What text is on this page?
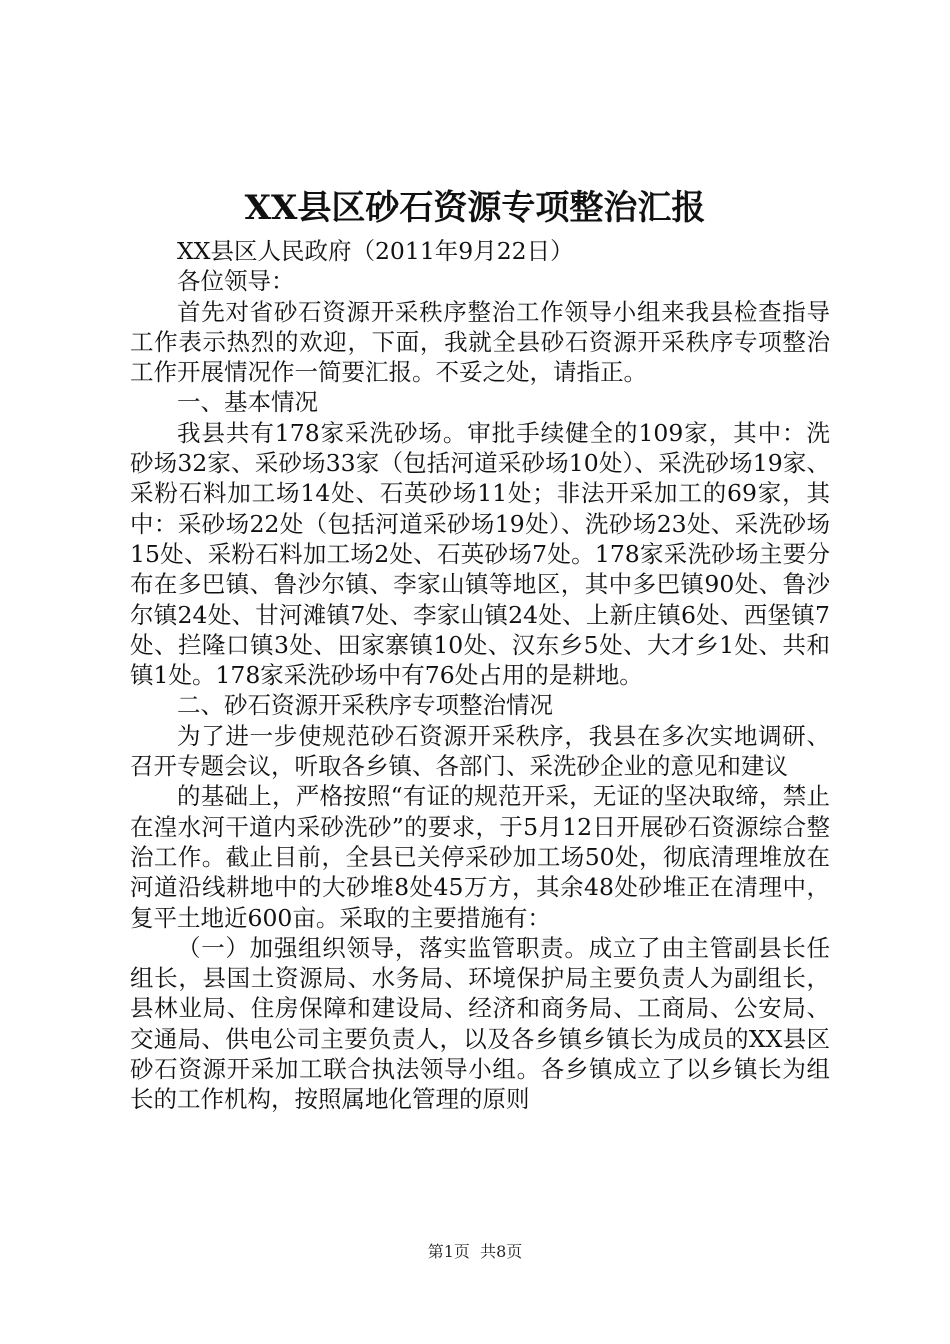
XX县区砂石资源专项整治汇报

XX县区人民政府（2011年9月22日）

各位领导：

首先对省砂石资源开采秩序整治工作领导小组来我县检查指导工作表示热烈的欢迎，下面，我就全县砂石资源开采秩序专项整治工作开展情况作一简要汇报。不妥之处，请指正。

一、基本情况

我县共有178家采洗砂场。审批手续健全的109家，其中：洗砂场32家、采砂场33家（包括河道采砂场10处）、采洗砂场19家、采粉石料加工场14处、石英砂场11处；非法开采加工的69家，其中：采砂场22处（包括河道采砂场19处）、洗砂场23处、采洗砂场15处、采粉石料加工场2处、石英砂场7处。178家采洗砂场主要分布在多巴镇、鲁沙尔镇、李家山镇等地区，其中多巴镇90处、鲁沙尔镇24处、甘河滩镇7处、李家山镇24处、上新庄镇6处、西堡镇7处、拦隆口镇3处、田家寨镇10处、汉东乡5处、大才乡1处、共和镇1处。178家采洗砂场中有76处占用的是耕地。

二、砂石资源开采秩序专项整治情况

为了进一步使规范砂石资源开采秩序，我县在多次实地调研、召开专题会议，听取各乡镇、各部门、采洗砂企业的意见和建议

的基础上，严格按照“有证的规范开采，无证的坚决取缔，禁止在湟水河干道内采砂洗砂”的要求，于5月12日开展砂石资源综合整治工作。截止目前，全县已关停采砂加工场50处，彻底清理堆放在河道沿线耕地中的大砂堆8处45万方，其余48处砂堆正在清理中，复平土地近600亩。采取的主要措施有：

（一）加强组织领导，落实监管职责。成立了由主管副县长任组长，县国土资源局、水务局、环境保护局主要负责人为副组长，县林业局、住房保障和建设局、经济和商务局、工商局、公安局、交通局、供电公司主要负责人，以及各乡镇乡镇长为成员的XX县区砂石资源开采加工联合执法领导小组。各乡镇成立了以乡镇长为组长的工作机构，按照属地化管理的原则

第1页 共8页
